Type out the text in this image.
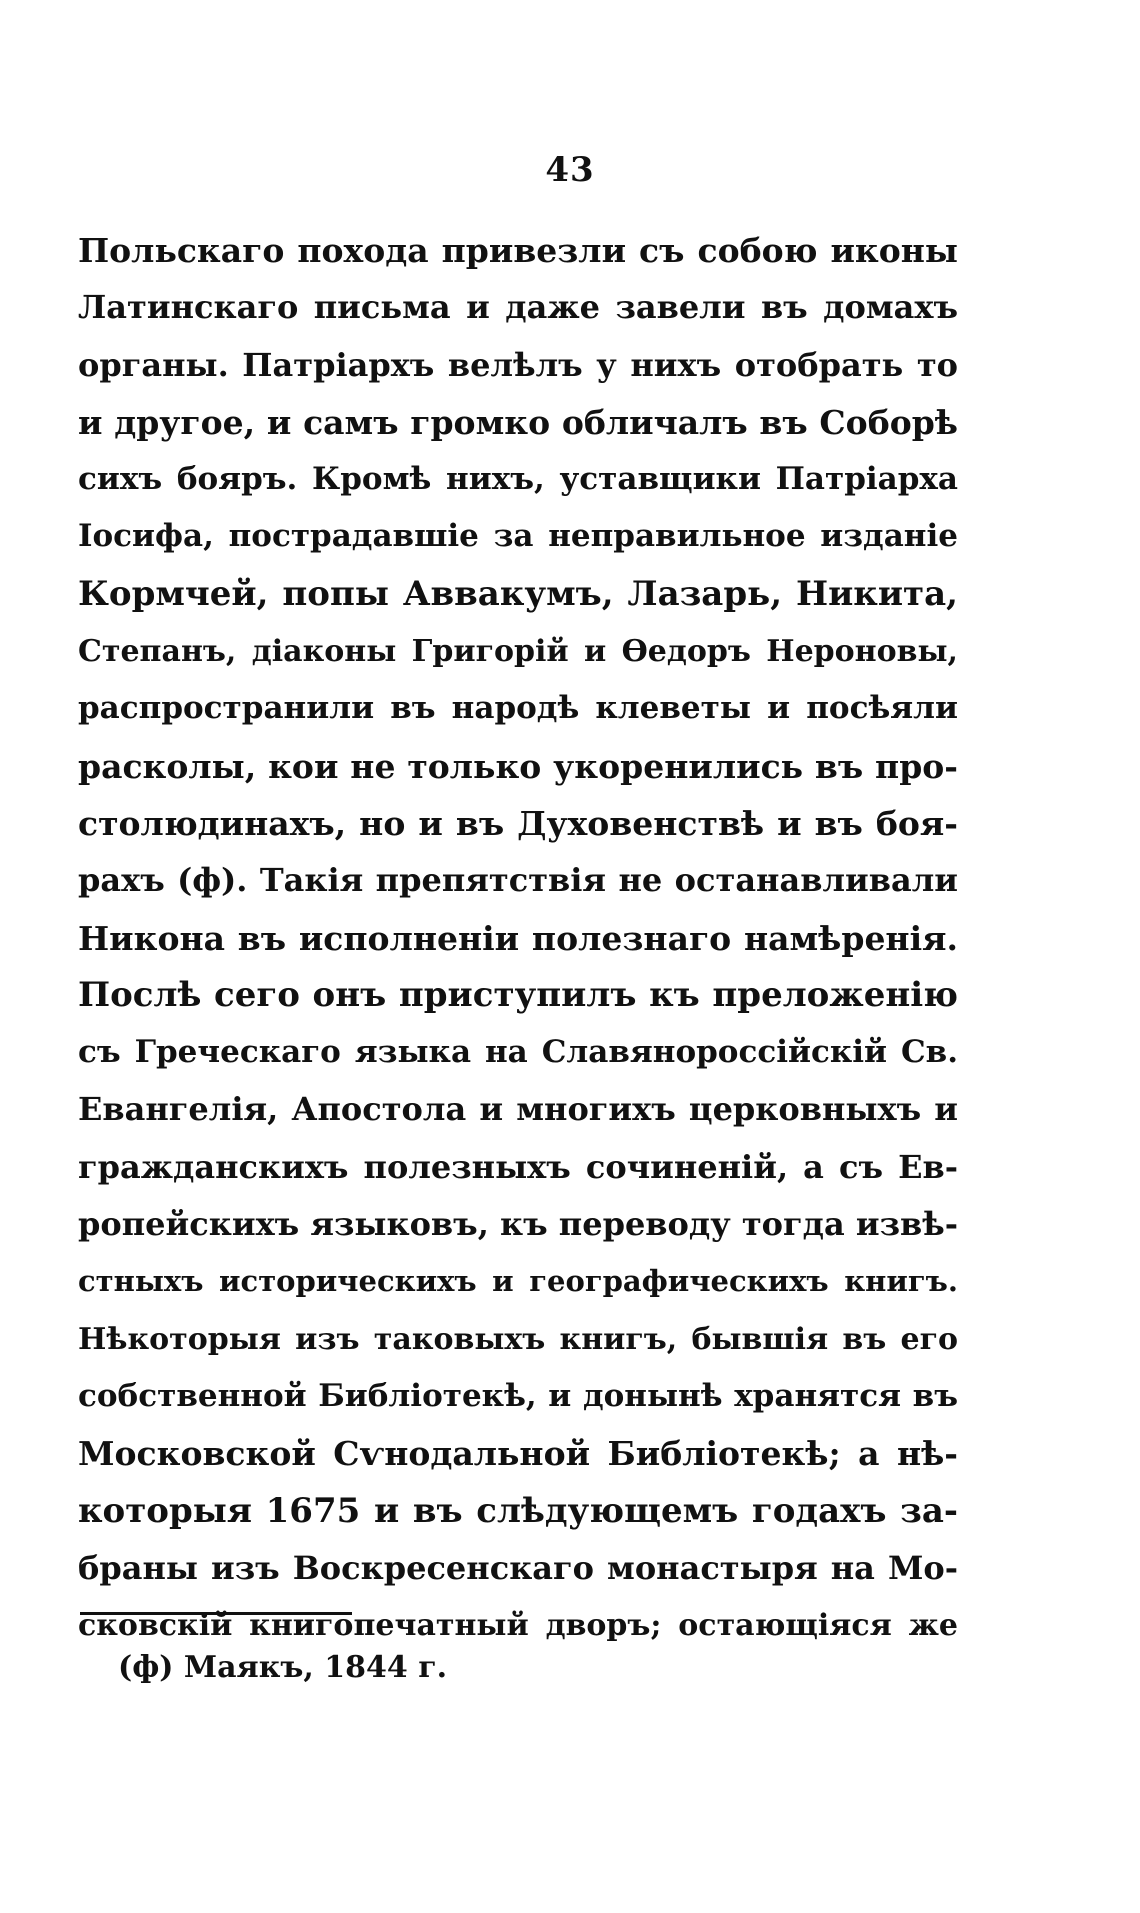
43
Польскаго похода привезли съ собою иконы
Латинскаго письма и даже завели въ домахъ
органы. Патріархъ велѣлъ у нихъ отобрать то
и другое, и самъ громко обличалъ въ Соборѣ
сихъ бояръ. Кромѣ нихъ, уставщики Патріарха
Іосифа, пострадавшіе за неправильное изданіе
Кормчей, попы Аввакумъ, Лазарь, Никита,
Степанъ, діаконы Григорій и Ѳедоръ Нероновы,
распространили въ народѣ клеветы и посѣяли
расколы, кои не только укоренились въ про-
столюдинахъ, но и въ Духовенствѣ и въ боя-
рахъ (ф). Такія препятствія не останавливали
Никона въ исполненіи полезнаго намѣренія.
Послѣ сего онъ приступилъ къ преложенію
съ Греческаго языка на Славянороссійскій Св.
Евангелія, Апостола и многихъ церковныхъ и
гражданскихъ полезныхъ сочиненій, а съ Ев-
ропейскихъ языковъ, къ переводу тогда извѣ-
стныхъ историческихъ и географическихъ книгъ.
Нѣкоторыя изъ таковыхъ книгъ, бывшія въ его
собственной Библіотекѣ, и донынѣ хранятся въ
Московской Сѵнодальной Библіотекѣ; а нѣ-
которыя 1675 и въ слѣдующемъ годахъ за-
браны изъ Воскресенскаго монастыря на Мо-
сковскій книгопечатный дворъ; остающіяся же
(ф) Маякъ, 1844 г.
